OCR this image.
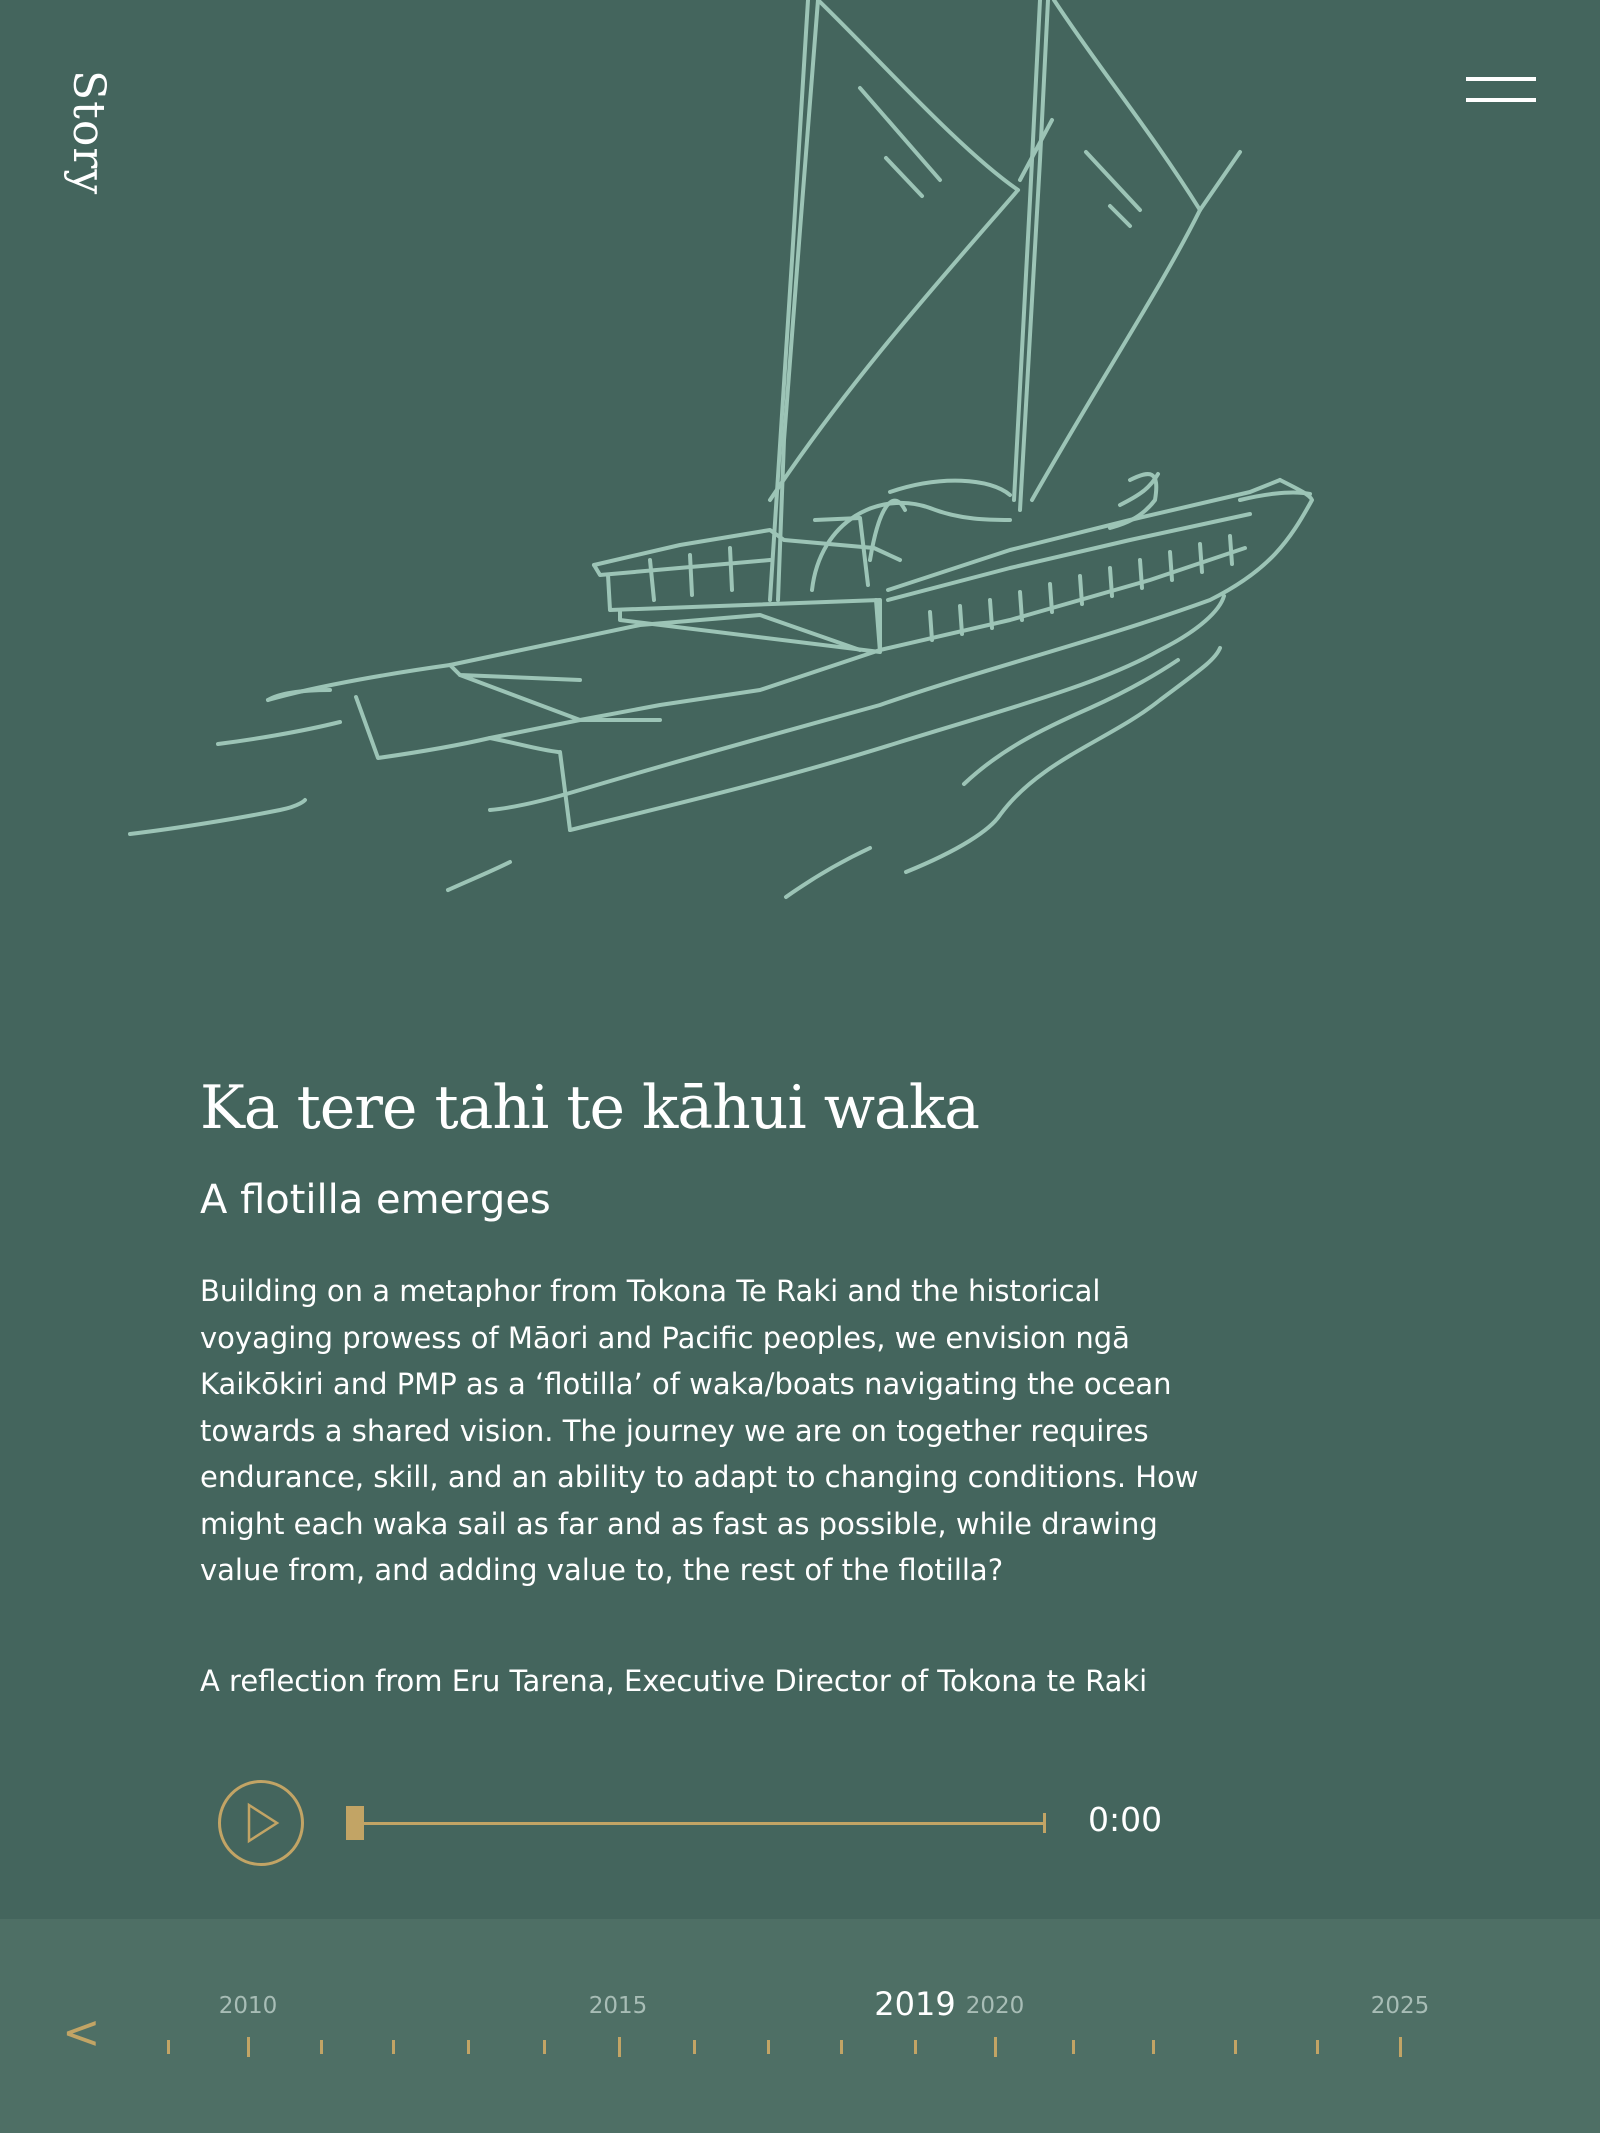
Story
Ka tere tahi te kāhui waka
A flotilla emerges

Building on a metaphor from Tokona Te Raki and the historical voyaging prowess of Māori and Pacific peoples, we envision ngā Kaikōkiri and PMP as a ‘flotilla’ of waka/boats navigating the ocean towards a shared vision. The journey we are on together requires endurance, skill, and an ability to adapt to changing conditions. How might each waka sail as far and as fast as possible, while drawing value from, and adding value to, the rest of the flotilla?

A reflection from Eru Tarena, Executive Director of Tokona te Raki

0:00
<	2010	2015	2019 2020	2025
